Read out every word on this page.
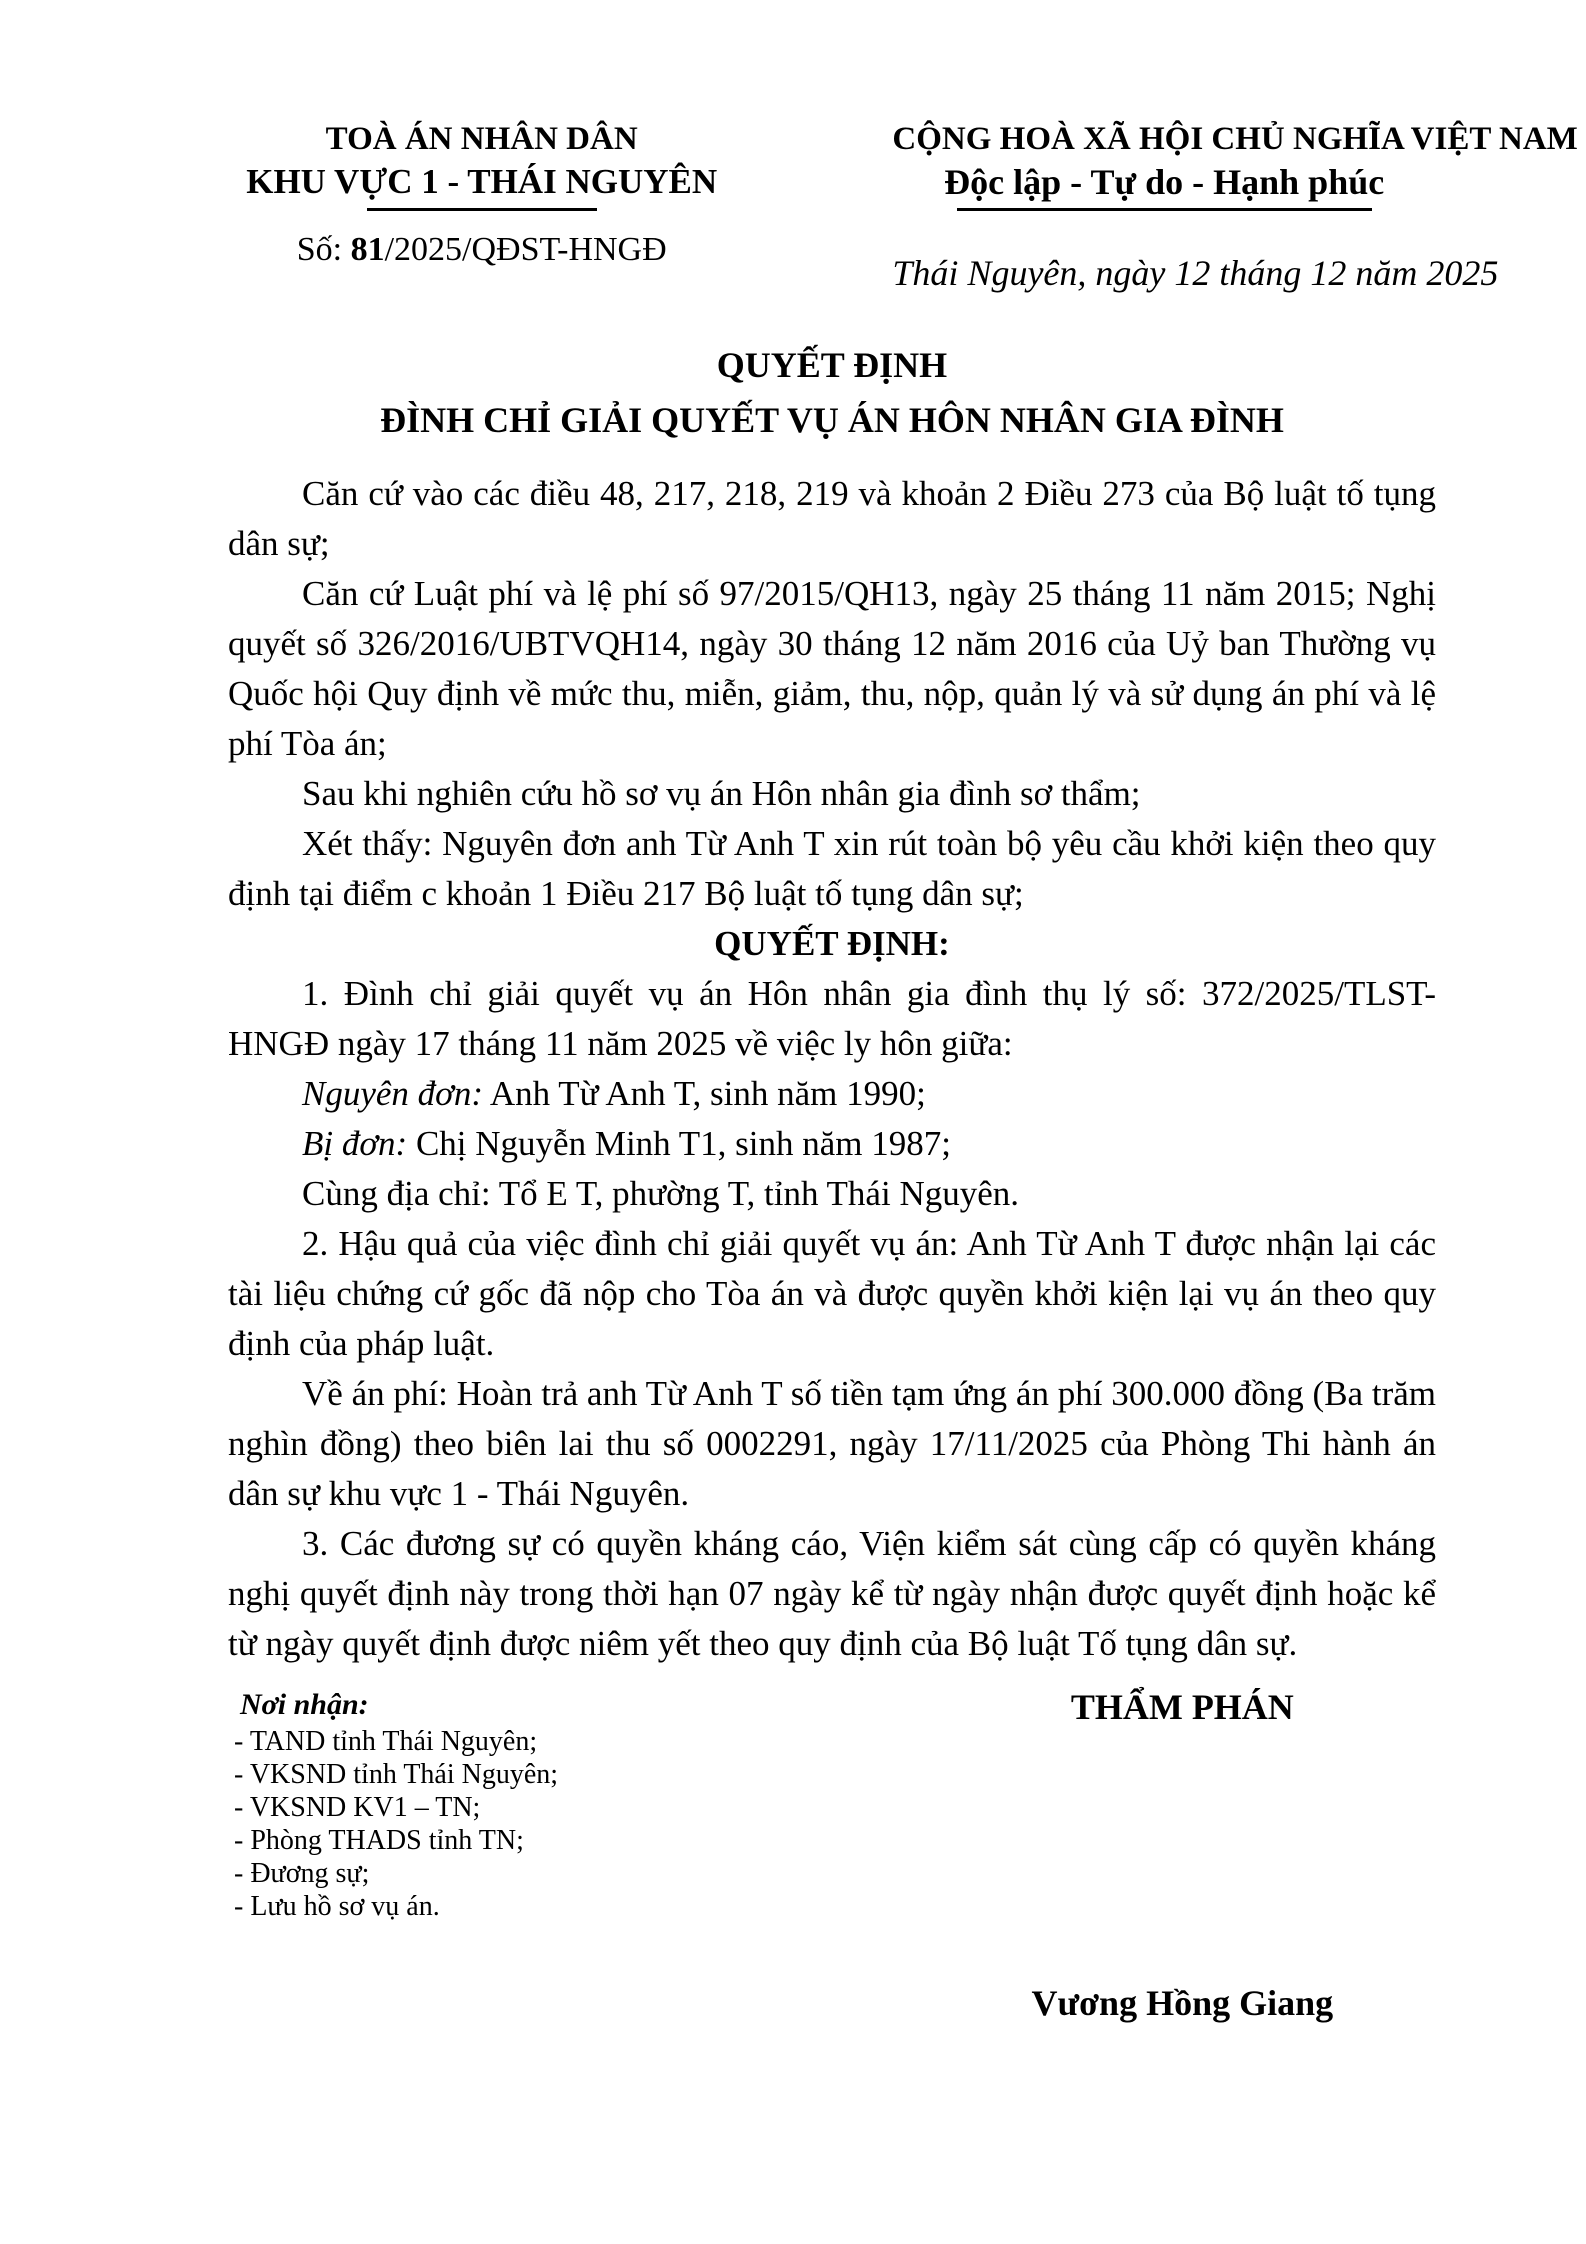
TOÀ ÁN NHÂN DÂN
KHU VỰC 1 - THÁI NGUYÊN
Số: 81/2025/QĐST-HNGĐ
CỘNG HOÀ XÃ HỘI CHỦ NGHĨA VIỆT NAM
Độc lập - Tự do - Hạnh phúc
Thái Nguyên, ngày 12 tháng 12 năm 2025
QUYẾT ĐỊNH
ĐÌNH CHỈ GIẢI QUYẾT VỤ ÁN HÔN NHÂN GIA ĐÌNH

Căn cứ vào các điều 48, 217, 218, 219 và khoản 2 Điều 273 của Bộ luật tố tụng dân sự;

Căn cứ Luật phí và lệ phí số 97/2015/QH13, ngày 25 tháng 11 năm 2015; Nghị quyết số 326/2016/UBTVQH14, ngày 30 tháng 12 năm 2016 của Uỷ ban Thường vụ Quốc hội Quy định về mức thu, miễn, giảm, thu, nộp, quản lý và sử dụng án phí và lệ phí Tòa án;

Sau khi nghiên cứu hồ sơ vụ án Hôn nhân gia đình sơ thẩm;

Xét thấy: Nguyên đơn anh Từ Anh T xin rút toàn bộ yêu cầu khởi kiện theo quy định tại điểm c khoản 1 Điều 217 Bộ luật tố tụng dân sự;

QUYẾT ĐỊNH:

1. Đình chỉ giải quyết vụ án Hôn nhân gia đình thụ lý số: 372/2025/TLST-HNGĐ ngày 17 tháng 11 năm 2025 về việc ly hôn giữa:

Nguyên đơn: Anh Từ Anh T, sinh năm 1990;

Bị đơn: Chị Nguyễn Minh T1, sinh năm 1987;

Cùng địa chỉ: Tổ E T, phường T, tỉnh Thái Nguyên.

2. Hậu quả của việc đình chỉ giải quyết vụ án: Anh Từ Anh T được nhận lại các tài liệu chứng cứ gốc đã nộp cho Tòa án và được quyền khởi kiện lại vụ án theo quy định của pháp luật.

Về án phí: Hoàn trả anh Từ Anh T số tiền tạm ứng án phí 300.000 đồng (Ba trăm nghìn đồng) theo biên lai thu số 0002291, ngày 17/11/2025 của Phòng Thi hành án dân sự khu vực 1 - Thái Nguyên.

3. Các đương sự có quyền kháng cáo, Viện kiểm sát cùng cấp có quyền kháng nghị quyết định này trong thời hạn 07 ngày kể từ ngày nhận được quyết định hoặc kể từ ngày quyết định được niêm yết theo quy định của Bộ luật Tố tụng dân sự.

Nơi nhận:
- TAND tỉnh Thái Nguyên;
- VKSND tỉnh Thái Nguyên;
- VKSND KV1 – TN;
- Phòng THADS tỉnh TN;
- Đương sự;
- Lưu hồ sơ vụ án.
THẨM PHÁN
Vương Hồng Giang
